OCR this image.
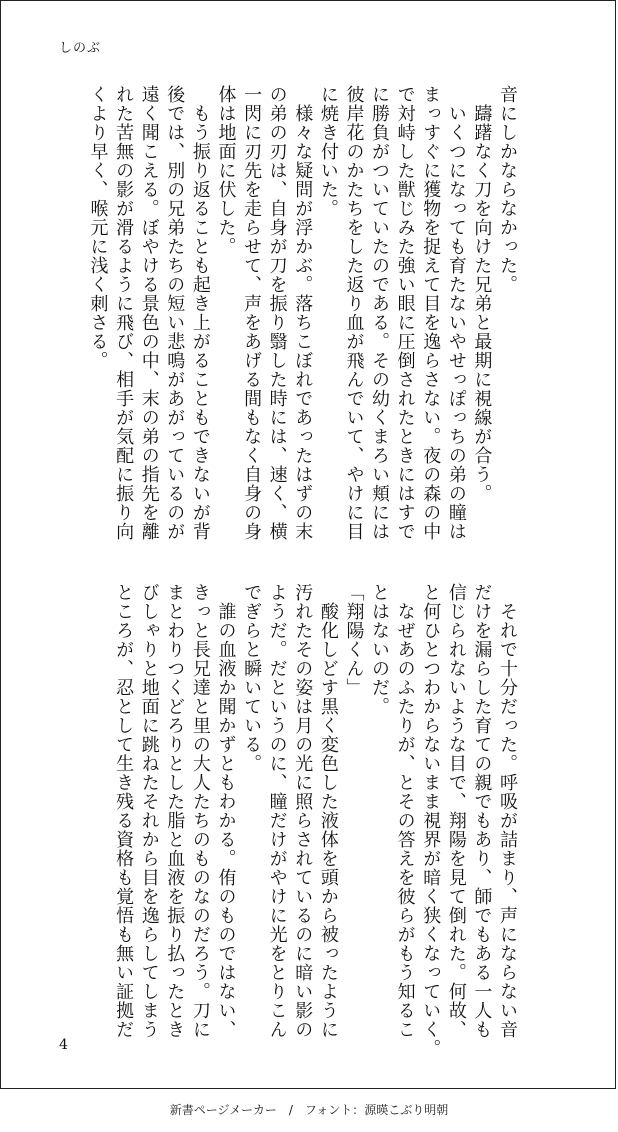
しのぶ
音にしかならなかった。
　躊躇なく刀を向けた兄弟と最期に視線が合う。
　いくつになっても育たないやせっぽっちの弟の瞳は
まっすぐに獲物を捉えて目を逸らさない。夜の森の中
で対峙した獣じみた強い眼に圧倒されたときにはすで
に勝負がついていたのである。その幼くまろい頬には
彼岸花のかたちをした返り血が飛んでいて、やけに目
に焼き付いた。
　様々な疑問が浮かぶ。落ちこぼれであったはずの末
の弟の刃は、自身が刀を振り翳した時には、速く、横
一閃に刃先を走らせて、声をあげる間もなく自身の身
体は地面に伏した。
　もう振り返ることも起き上がることもできないが背
後では、別の兄弟たちの短い悲鳴があがっているのが
遠く聞こえる。ぼやける景色の中、末の弟の指先を離
れた苦無の影が滑るように飛び、相手が気配に振り向
くより早く、喉元に浅く刺さる。
　それで十分だった。呼吸が詰まり、声にならない音
だけを漏らした育ての親でもあり、師でもある一人も
信じられないような目で、翔陽を見て倒れた。何故、
と何ひとつわからないまま視界が暗く狭くなっていく。
　なぜあのふたりが、とその答えを彼らがもう知るこ
とはないのだ。
「翔陽くん」
　酸化しどす黒く変色した液体を頭から被ったように
汚れたその姿は月の光に照らされているのに暗い影の
ようだ。だというのに、瞳だけがやけに光をとりこん
でぎらと瞬いている。
　誰の血液か聞かずともわかる。侑のものではない、
きっと長兄達と里の大人たちのものなのだろう。刀に
まとわりつくどろりとした脂と血液を振り払ったとき
びしゃりと地面に跳ねたそれから目を逸らしてしまう
ところが、忍として生き残る資格も覚悟も無い証拠だ
4
新書ページメーカー / フォント：源暎こぶり明朝
